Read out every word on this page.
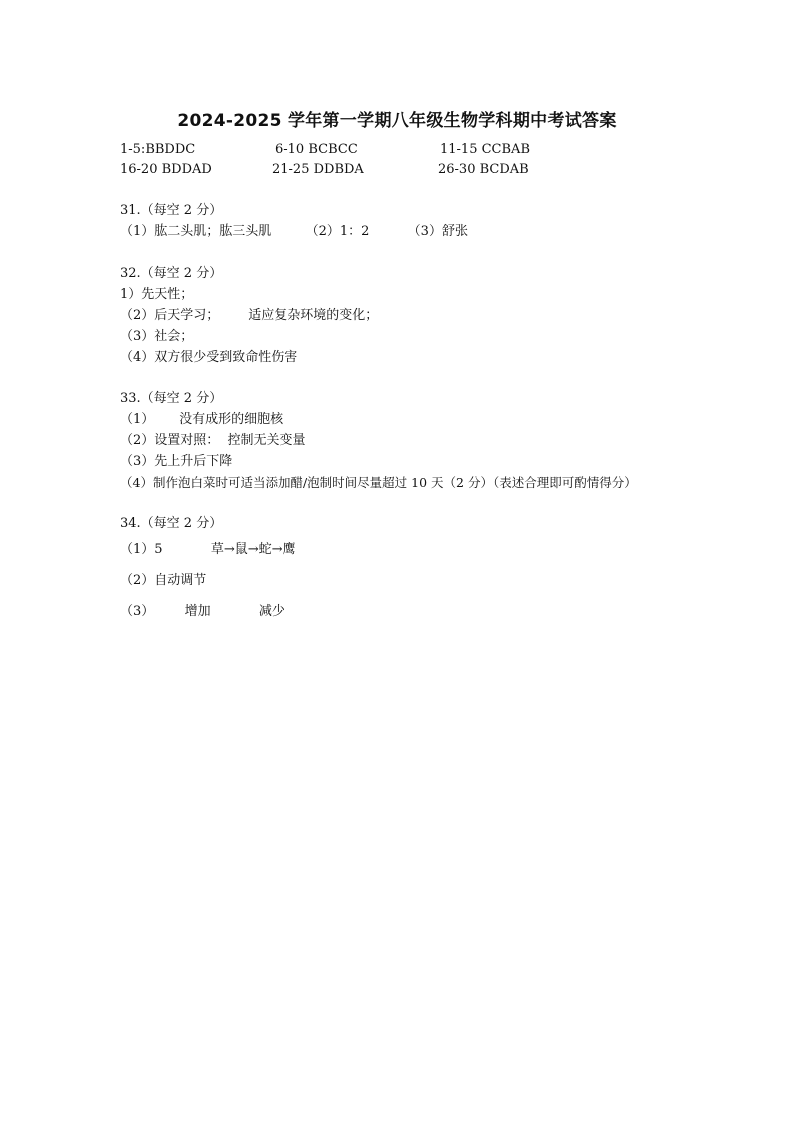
2024-2025 学年第一学期八年级生物学科期中考试答案
1-5:BBDDC	6-10 BCBCC	11-15 CCBAB
16-20 BDDAD	21-25 DDBDA	26-30 BCDAB
31.（每空 2 分）
（1）肱二头肌；肱三头肌	（2）1：2	（3）舒张
32.（每空 2 分）
1）先天性；
（2）后天学习；       适应复杂环境的变化；
（3）社会；
（4）双方很少受到致命性伤害
33.（每空 2 分）
（1）      没有成形的细胞核
（2）设置对照：  控制无关变量
（3）先上升后下降
（4）制作泡白菜时可适当添加醋/泡制时间尽量超过 10 天（2 分）（表述合理即可酌情得分）
34.（每空 2 分）
（1）5	草→鼠→蛇→鹰
（2）自动调节
（3） 增加	减少
